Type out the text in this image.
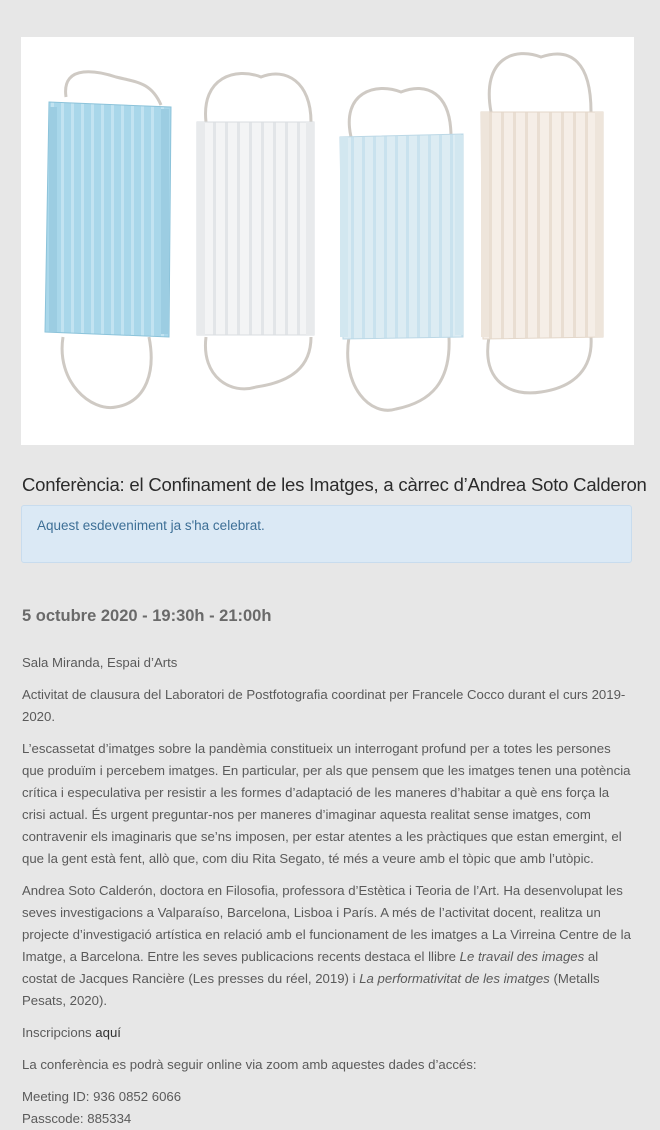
Conferència: el Confinament de les Imatges, a càrrec d’Andrea Soto Calderon
Aquest esdeveniment ja s'ha celebrat.
5 octubre 2020 - 19:30h - 21:00h

Sala Miranda, Espai d’Arts

Activitat de clausura del Laboratori de Postfotografia coordinat per Francele Cocco durant el curs 2019-2020.

L’escassetat d’imatges sobre la pandèmia constitueix un interrogant profund per a totes les persones que produïm i percebem imatges. En particular, per als que pensem que les imatges tenen una potència crítica i especulativa per resistir a les formes d’adaptació de les maneres d’habitar a què ens força la crisi actual. És urgent preguntar-nos per maneres d’imaginar aquesta realitat sense imatges, com contravenir els imaginaris que se’ns imposen, per estar atentes a les pràctiques que estan emergint, el que la gent està fent, allò que, com diu Rita Segato, té més a veure amb el tòpic que amb l’utòpic.

Andrea Soto Calderón, doctora en Filosofia, professora d’Estètica i Teoria de l’Art. Ha desenvolupat les seves investigacions a Valparaíso, Barcelona, Lisboa i París. A més de l’activitat docent, realitza un projecte d’investigació artística en relació amb el funcionament de les imatges a La Virreina Centre de la Imatge, a Barcelona. Entre les seves publicacions recents destaca el llibre Le travail des images al costat de Jacques Rancière (Les presses du réel, 2019) i La performativitat de les imatges (Metalls Pesats, 2020).

Inscripcions aquí

La conferència es podrà seguir online via zoom amb aquestes dades d’accés:

Meeting ID: 936 0852 6066

Passcode: 885334
